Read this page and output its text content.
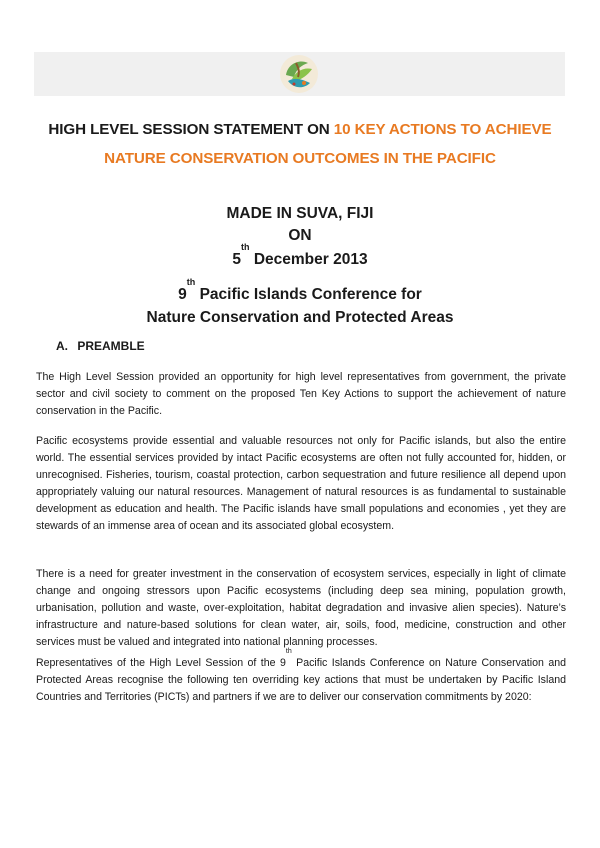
HIGH LEVEL SESSION STATEMENT ON 10 KEY ACTIONS TO ACHIEVE
NATURE CONSERVATION OUTCOMES IN THE PACIFIC
MADE IN SUVA, FIJI
ON
5th December 2013
9th Pacific Islands Conference for
Nature Conservation and Protected Areas
A. PREAMBLE

The High Level Session provided an opportunity for high level representatives from government, the private sector and civil society to comment on the proposed Ten Key Actions to support the achievement of nature conservation in the Pacific.

Pacific ecosystems provide essential and valuable resources not only for Pacific islands, but also the entire world. The essential services provided by intact Pacific ecosystems are often not fully accounted for, hidden, or unrecognised. Fisheries, tourism, coastal protection, carbon sequestration and future resilience all depend upon appropriately valuing our natural resources. Management of natural resources is as fundamental to sustainable development as education and health. The Pacific islands have small populations and economies , yet they are stewards of an immense area of ocean and its associated global ecosystem.

There is a need for greater investment in the conservation of ecosystem services, especially in light of climate change and ongoing stressors upon Pacific ecosystems (including deep sea mining, population growth, urbanisation, pollution and waste, over-exploitation, habitat degradation and invasive alien species). Nature’s infrastructure and nature-based solutions for clean water, air, soils, food, medicine, construction and other services must be valued and integrated into national planning processes.

Representatives of the High Level Session of the 9th Pacific Islands Conference on Nature Conservation and Protected Areas recognise the following ten overriding key actions that must be undertaken by Pacific Island Countries and Territories (PICTs) and partners if we are to deliver our conservation commitments by 2020:
